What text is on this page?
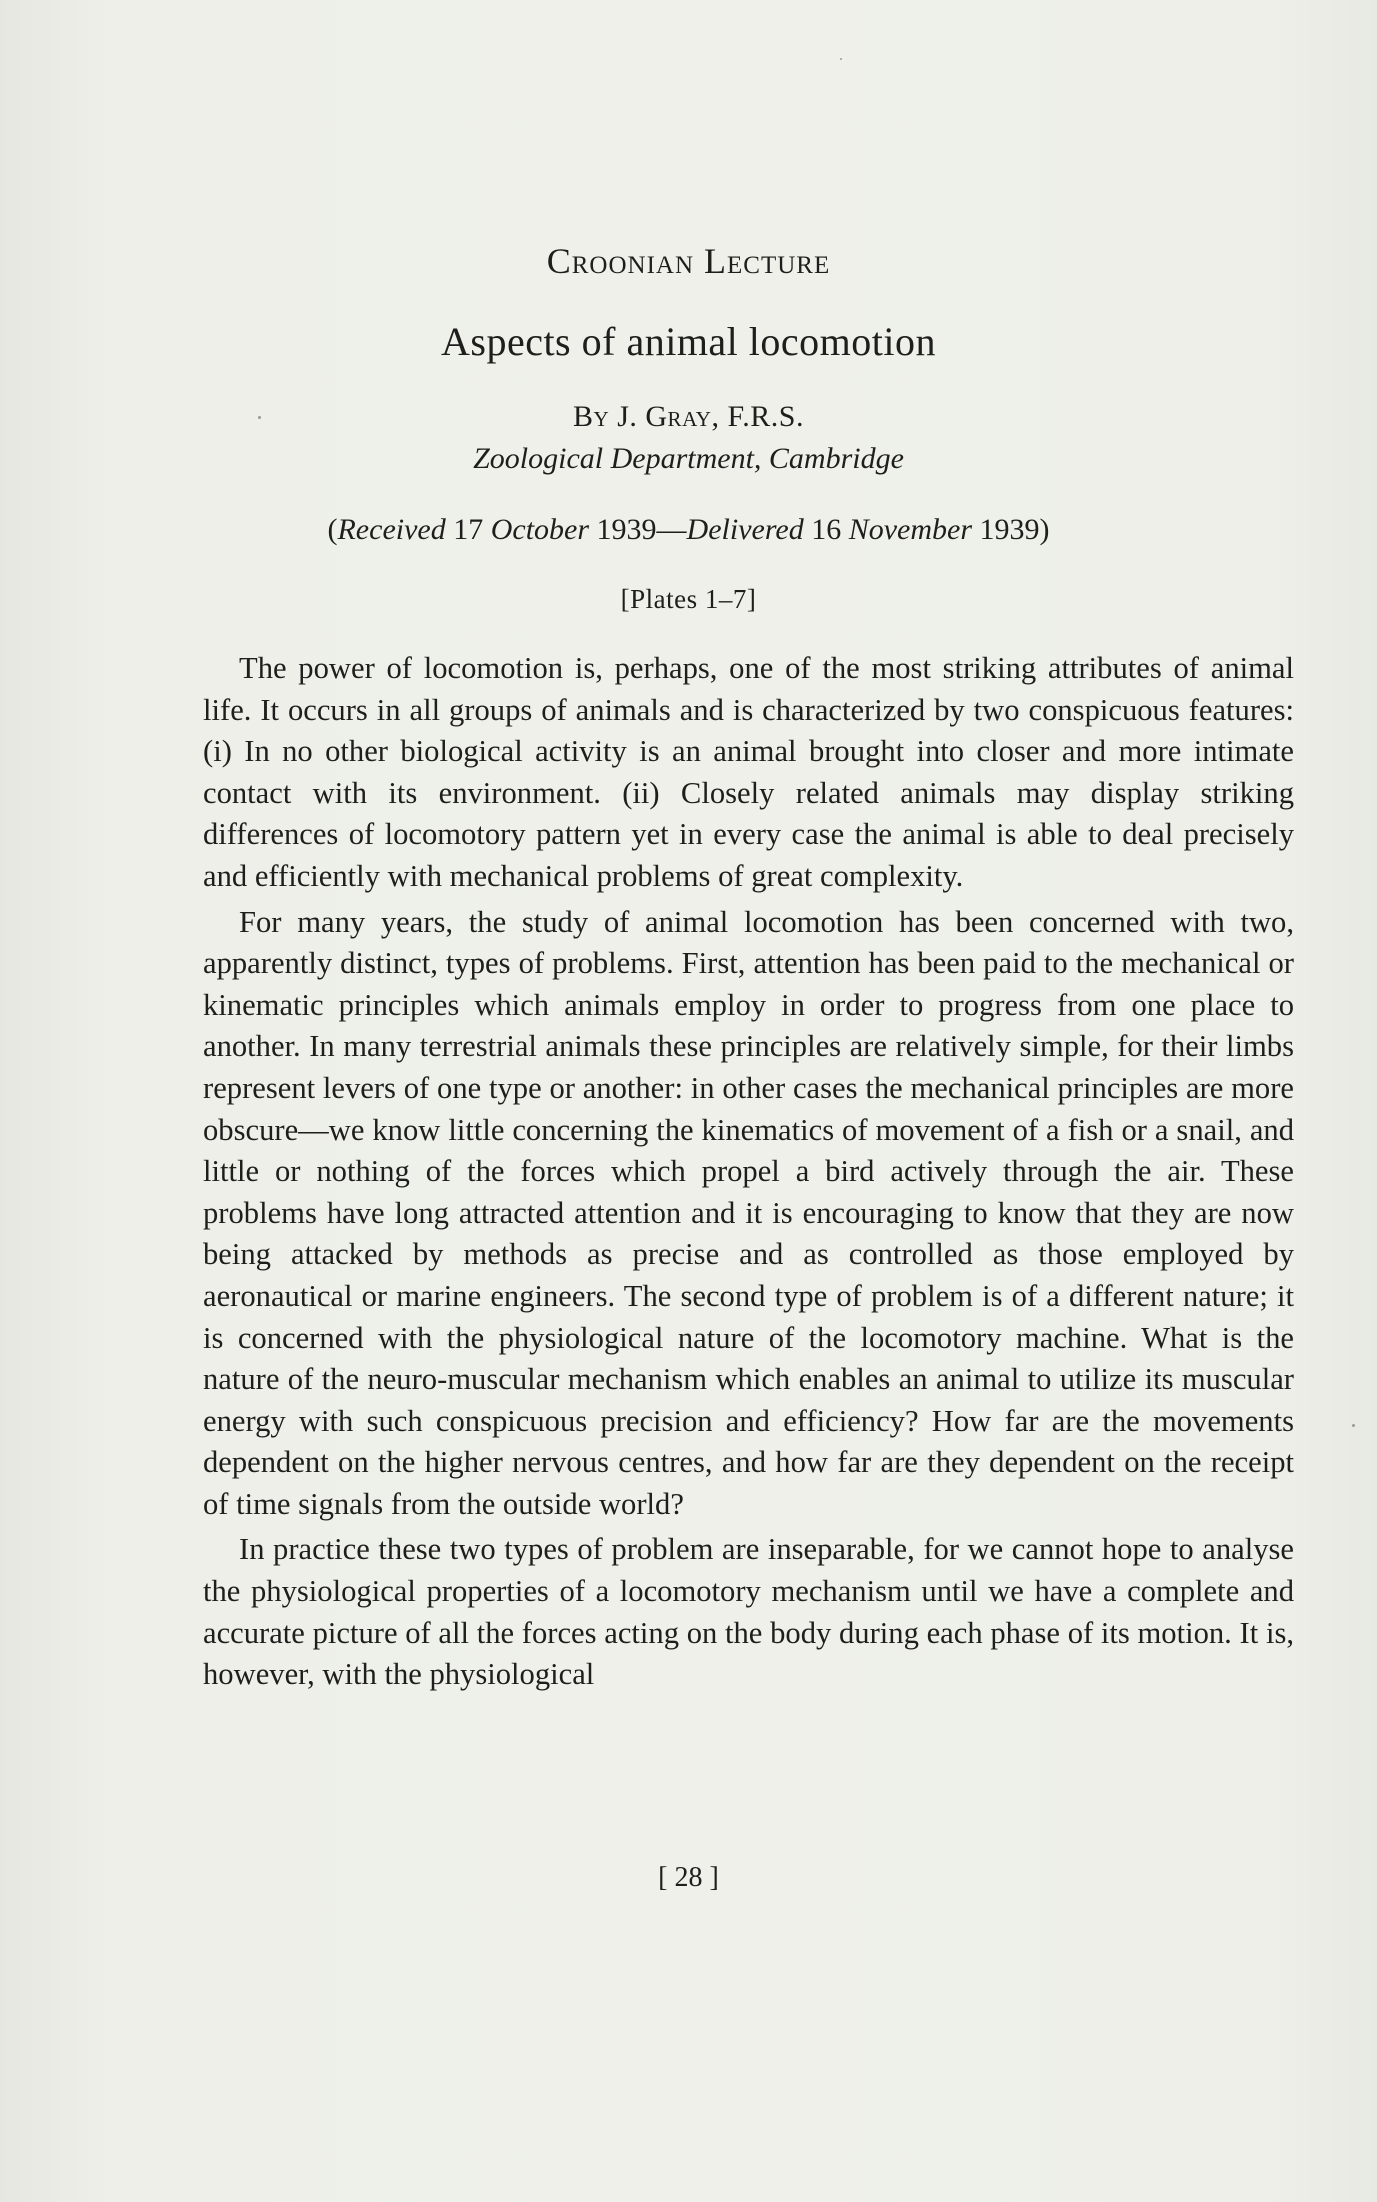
Croonian Lecture
Aspects of animal locomotion
By J. Gray, F.R.S.
Zoological Department, Cambridge
(Received 17 October 1939—Delivered 16 November 1939)
[Plates 1–7]

The power of locomotion is, perhaps, one of the most striking attributes of animal life. It occurs in all groups of animals and is characterized by two conspicuous features: (i) In no other biological activity is an animal brought into closer and more intimate contact with its environment. (ii) Closely related animals may display striking differences of locomotory pattern yet in every case the animal is able to deal precisely and efficiently with mechanical problems of great complexity.

For many years, the study of animal locomotion has been concerned with two, apparently distinct, types of problems. First, attention has been paid to the mechanical or kinematic principles which animals employ in order to progress from one place to another. In many terrestrial animals these principles are relatively simple, for their limbs represent levers of one type or another: in other cases the mechanical principles are more obscure—we know little concerning the kinematics of movement of a fish or a snail, and little or nothing of the forces which propel a bird actively through the air. These problems have long attracted attention and it is encouraging to know that they are now being attacked by methods as precise and as controlled as those employed by aeronautical or marine engineers. The second type of problem is of a different nature; it is concerned with the physiological nature of the locomotory machine. What is the nature of the neuro-muscular mechanism which enables an animal to utilize its muscular energy with such conspicuous precision and efficiency? How far are the movements dependent on the higher nervous centres, and how far are they dependent on the receipt of time signals from the outside world?

In practice these two types of problem are inseparable, for we cannot hope to analyse the physiological properties of a locomotory mechanism until we have a complete and accurate picture of all the forces acting on the body during each phase of its motion. It is, however, with the physiological

[ 28 ]
